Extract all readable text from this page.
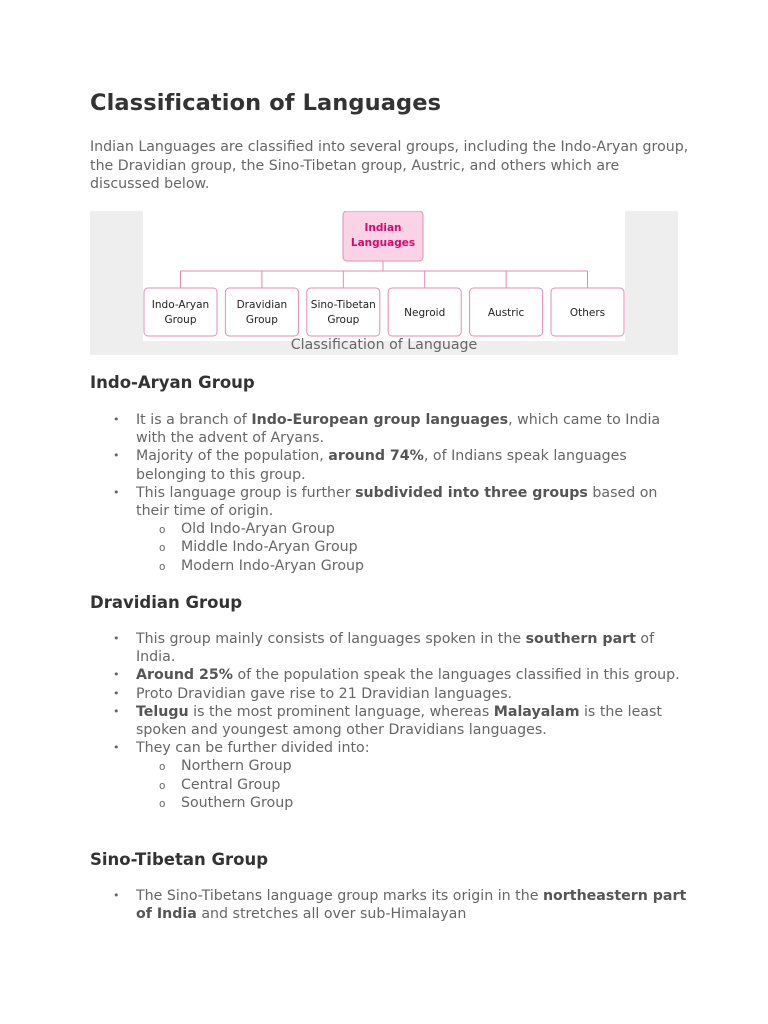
Classification of Languages

Indian Languages are classified into several groups, including the Indo-Aryan group, the Dravidian group, the Sino-Tibetan group, Austric, and others which are discussed below.

Indian
Languages
Indo-Aryan
Group
Dravidian
Group
Sino-Tibetan
Group
Negroid	Austric	Others
Classification of Language
Indo-Aryan Group
• It is a branch of Indo-European group languages, which came to India with the advent of Aryans.
• Majority of the population, around 74%, of Indians speak languages belonging to this group.
• This language group is further subdivided into three groups based on their time of origin.
o Old Indo-Aryan Group
o Middle Indo-Aryan Group
o Modern Indo-Aryan Group
Dravidian Group
• This group mainly consists of languages spoken in the southern part of India.
• Around 25% of the population speak the languages classified in this group.
• Proto Dravidian gave rise to 21 Dravidian languages.
• Telugu is the most prominent language, whereas Malayalam is the least spoken and youngest among other Dravidians languages.
• They can be further divided into:
o Northern Group
o Central Group
o Southern Group
Sino-Tibetan Group
• The Sino-Tibetans language group marks its origin in the northeastern part of India and stretches all over sub-Himalayan
